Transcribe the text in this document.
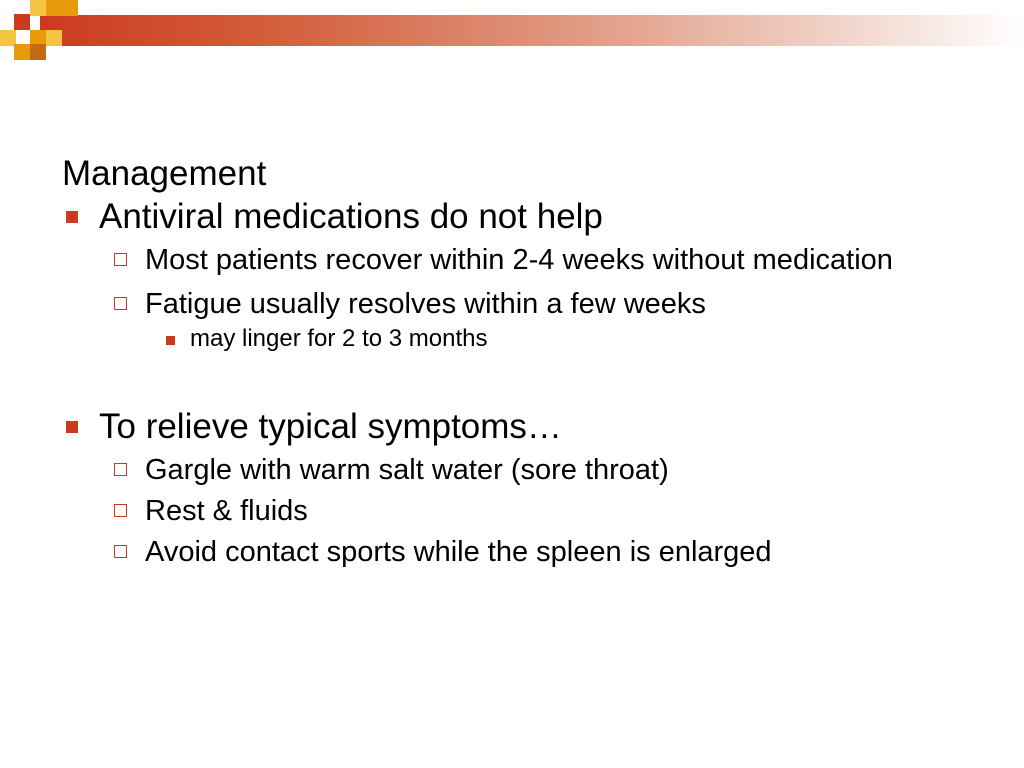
Management
Antiviral medications do not help
Most patients recover within 2-4 weeks without medication
Fatigue usually resolves within a few weeks
may linger for 2 to 3 months
To relieve typical symptoms…
Gargle with warm salt water (sore throat)
Rest & fluids
Avoid contact sports while the spleen is enlarged
